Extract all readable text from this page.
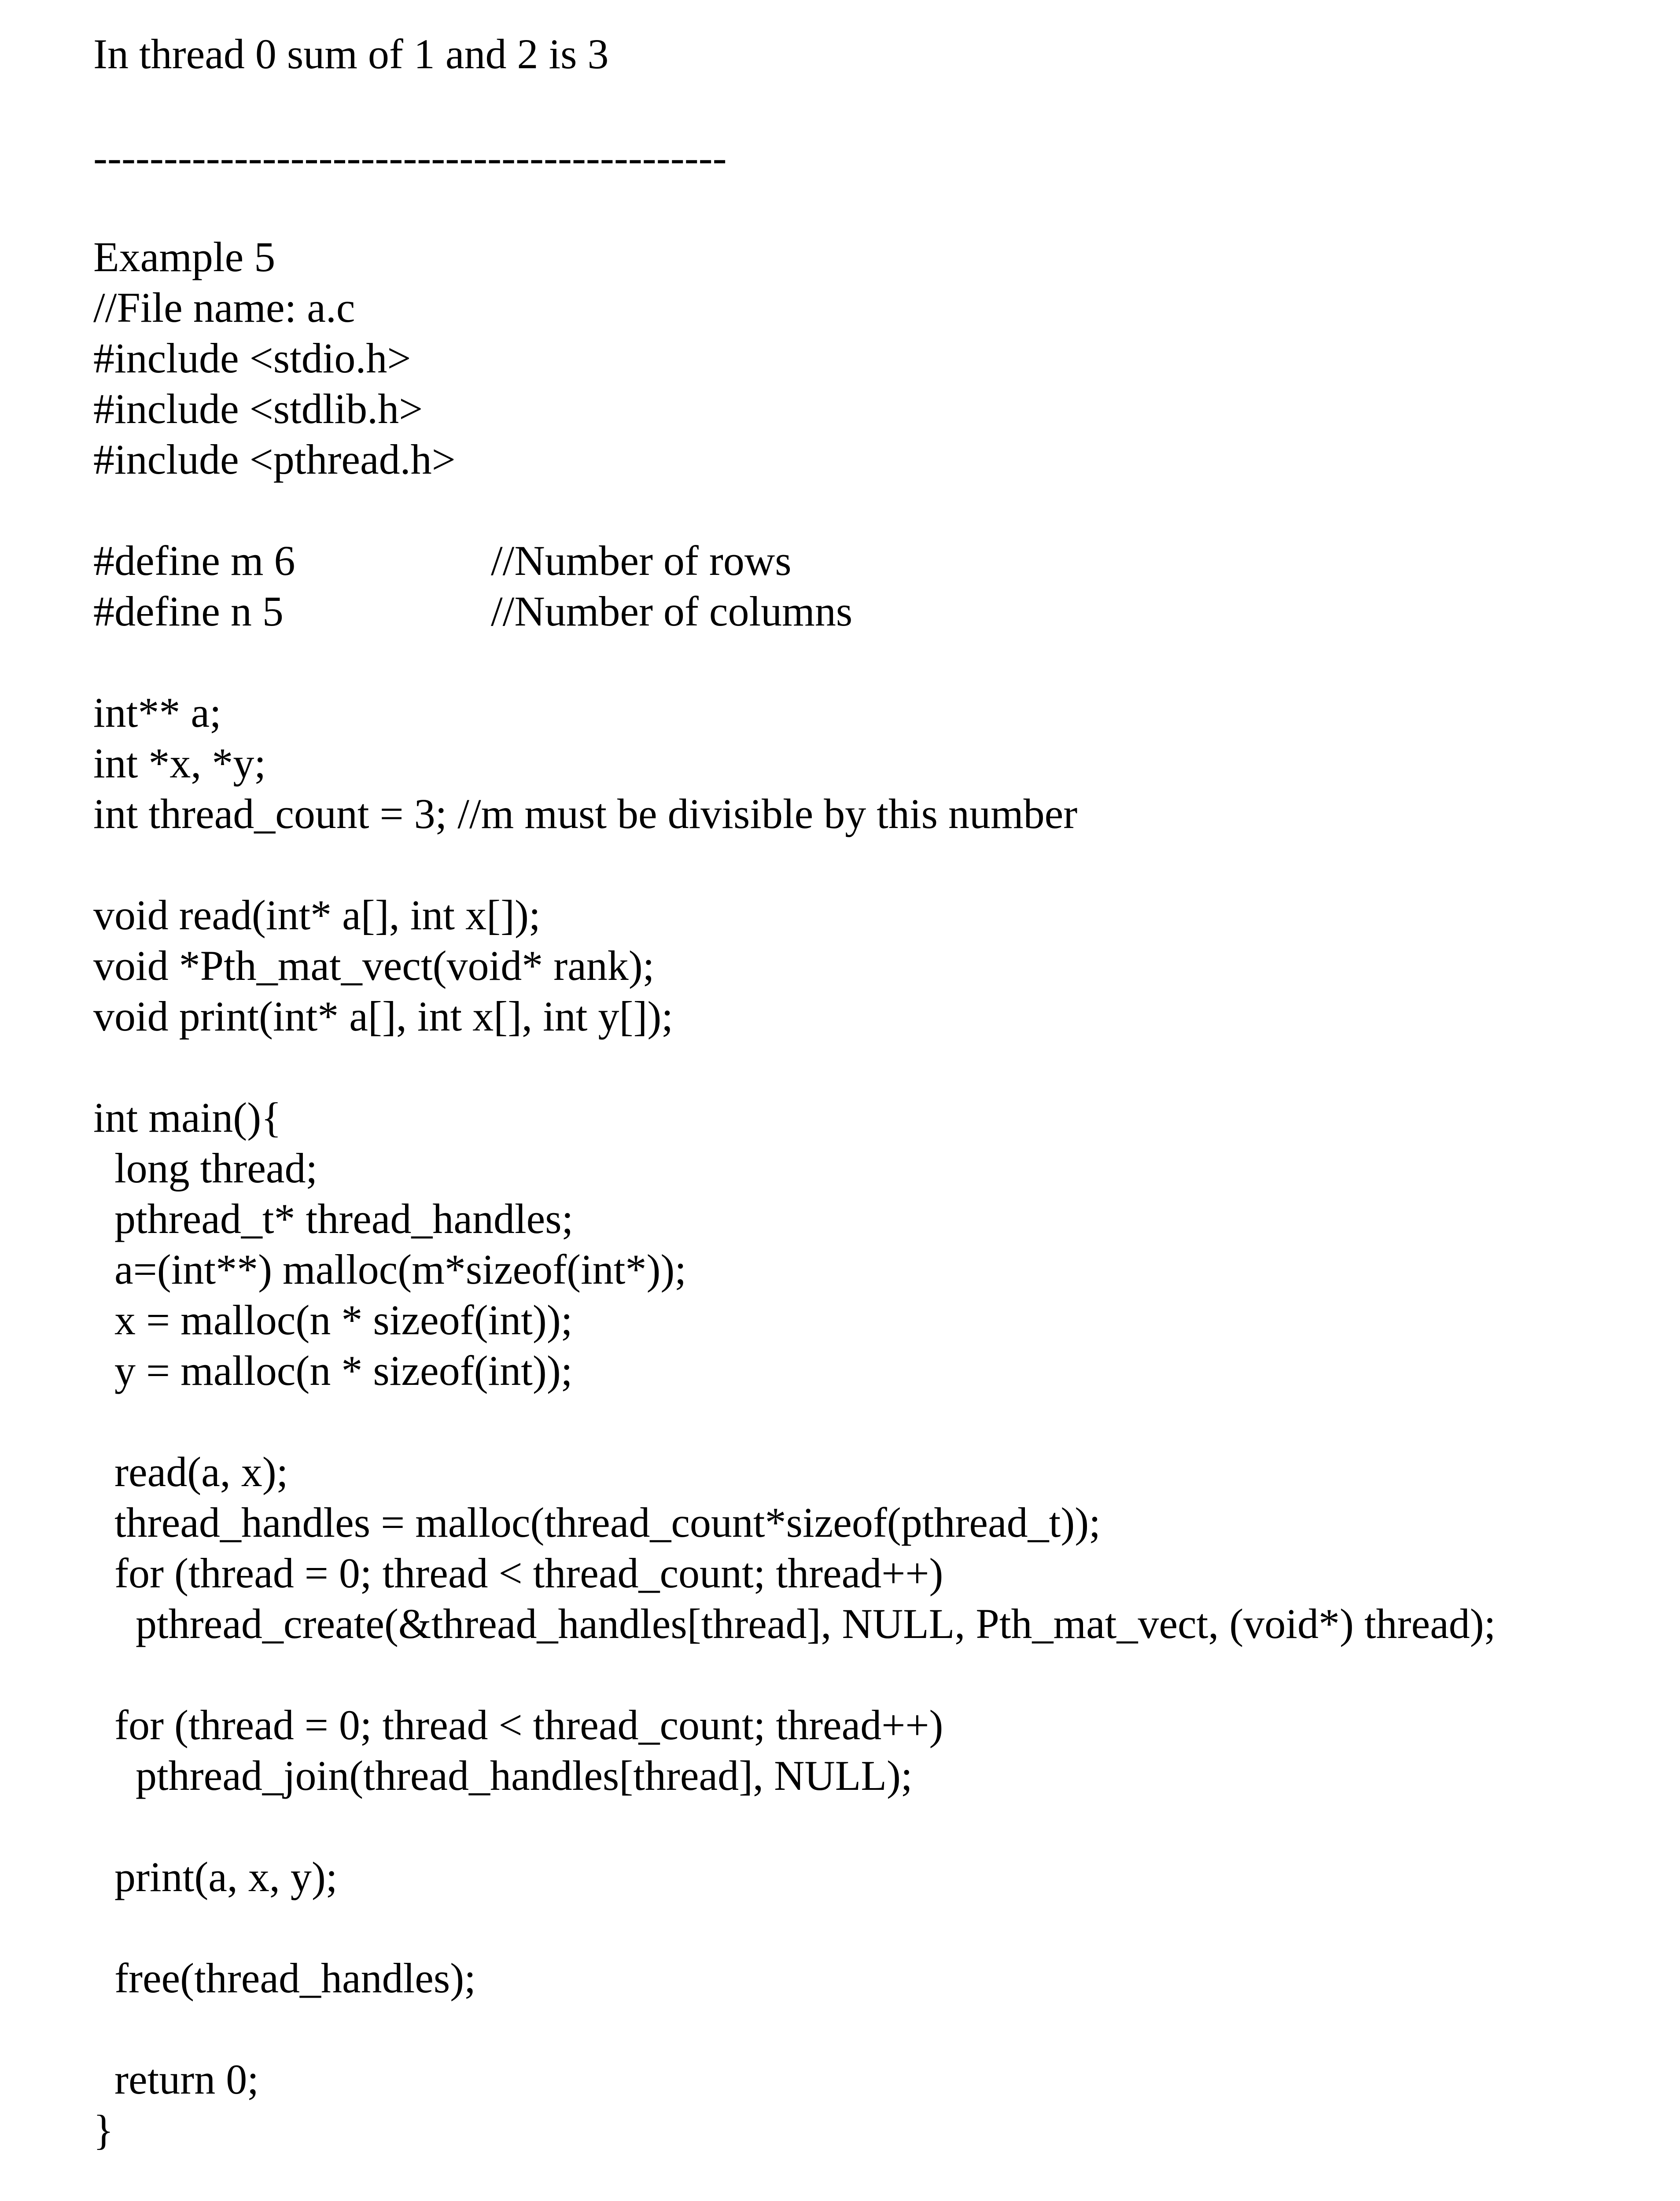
In thread 0 sum of 1 and 2 is 3

---------------------------------------------

Example 5

//File name: a.c

#include <stdio.h>

#include <stdlib.h>

#include <pthread.h>

#define m 6	//Number of rows

#define n 5	//Number of columns

int** a;

int *x, *y;

int thread_count = 3; //m must be divisible by this number

void read(int* a[], int x[]);

void *Pth_mat_vect(void* rank);

void print(int* a[], int x[], int y[]);

int main(){

long thread;

pthread_t* thread_handles;

a=(int**) malloc(m*sizeof(int*));

x = malloc(n * sizeof(int));

y = malloc(n * sizeof(int));

read(a, x);

thread_handles = malloc(thread_count*sizeof(pthread_t));

for (thread = 0; thread < thread_count; thread++)

pthread_create(&thread_handles[thread], NULL, Pth_mat_vect, (void*) thread);

for (thread = 0; thread < thread_count; thread++)

pthread_join(thread_handles[thread], NULL);

print(a, x, y);

free(thread_handles);

return 0;

}
